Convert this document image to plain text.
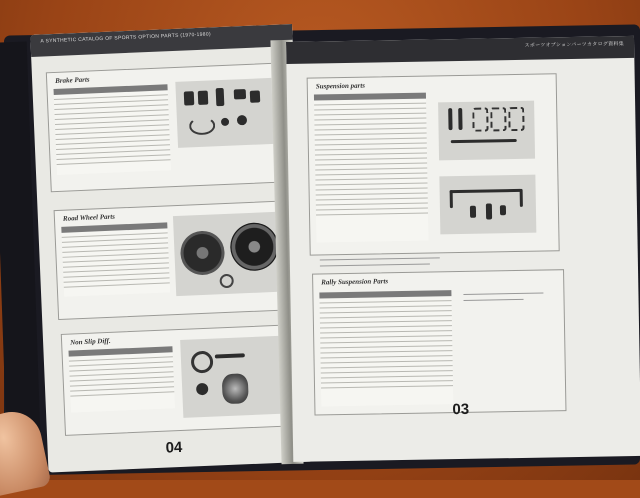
A SYNTHETIC CATALOG OF SPORTS OPTION PARTS (1970-1980)
Brake Parts
Road Wheel Parts
Non Slip Diff.
04
スポーツオプションパーツカタログ資料集
Suspension parts
Rally Suspension Parts
03
